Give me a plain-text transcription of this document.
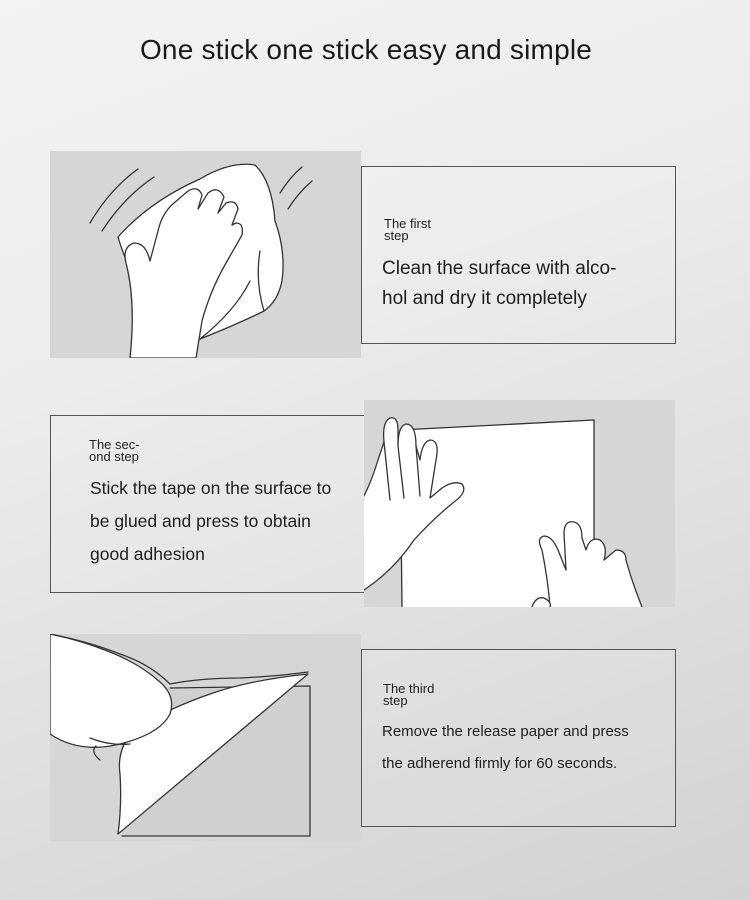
One stick one stick easy and simple
The first
step
Clean the surface with alco-
hol and dry it completely
The sec-
ond step
Stick the tape on the surface to
be glued and press to obtain
good adhesion
The third
step
Remove the release paper and press
the adherend firmly for 60 seconds.
